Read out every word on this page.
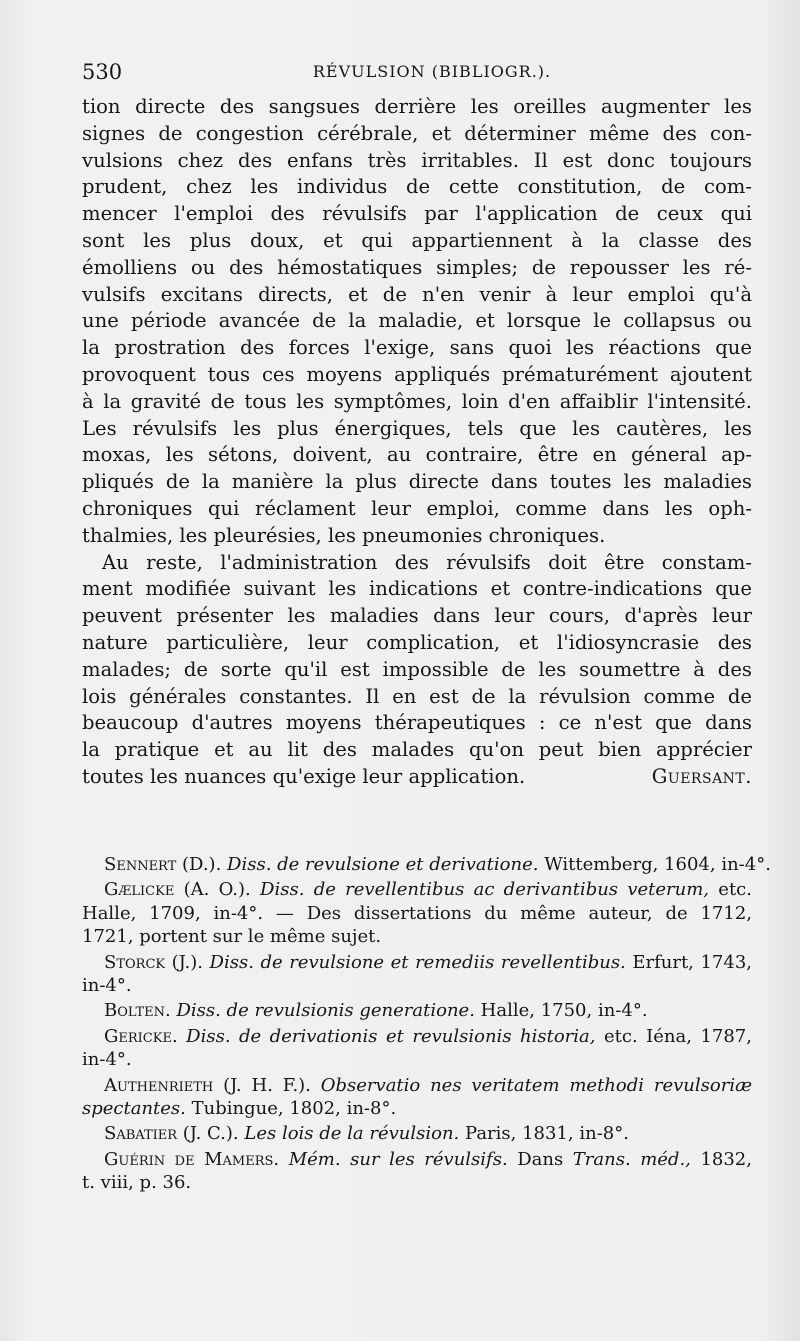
530	RÉVULSION (BIBLIOGR.).
tion directe des sangsues derrière les oreilles augmenter les
signes de congestion cérébrale, et déterminer même des con-
vulsions chez des enfans très irritables. Il est donc toujours
prudent, chez les individus de cette constitution, de com-
mencer l'emploi des révulsifs par l'application de ceux qui
sont les plus doux, et qui appartiennent à la classe des
émolliens ou des hémostatiques simples; de repousser les ré-
vulsifs excitans directs, et de n'en venir à leur emploi qu'à
une période avancée de la maladie, et lorsque le collapsus ou
la prostration des forces l'exige, sans quoi les réactions que
provoquent tous ces moyens appliqués prématurément ajoutent
à la gravité de tous les symptômes, loin d'en affaiblir l'intensité.
Les révulsifs les plus énergiques, tels que les cautères, les
moxas, les sétons, doivent, au contraire, être en géneral ap-
pliqués de la manière la plus directe dans toutes les maladies
chroniques qui réclament leur emploi, comme dans les oph-
thalmies, les pleurésies, les pneumonies chroniques.
Au reste, l'administration des révulsifs doit être constam-
ment modifiée suivant les indications et contre-indications que
peuvent présenter les maladies dans leur cours, d'après leur
nature particulière, leur complication, et l'idiosyncrasie des
malades; de sorte qu'il est impossible de les soumettre à des
lois générales constantes. Il en est de la révulsion comme de
beaucoup d'autres moyens thérapeutiques : ce n'est que dans
la pratique et au lit des malades qu'on peut bien apprécier
toutes les nuances qu'exige leur application.	Guersant.
Sennert (D.). Diss. de revulsione et derivatione. Wittemberg, 1604, in-4°.
Gælicke (A. O.). Diss. de revellentibus ac derivantibus veterum, etc.
Halle, 1709, in-4°. — Des dissertations du même auteur, de 1712,
1721, portent sur le même sujet.
Storck (J.). Diss. de revulsione et remediis revellentibus. Erfurt, 1743,
in-4°.
Bolten. Diss. de revulsionis generatione. Halle, 1750, in-4°.
Gericke. Diss. de derivationis et revulsionis historia, etc. Iéna, 1787,
in-4°.
Authenrieth (J. H. F.). Observatio nes veritatem methodi revulsoriæ
spectantes. Tubingue, 1802, in-8°.
Sabatier (J. C.). Les lois de la révulsion. Paris, 1831, in-8°.
Guérin de Mamers. Mém. sur les révulsifs. Dans Trans. méd., 1832,
t. viii, p. 36.
